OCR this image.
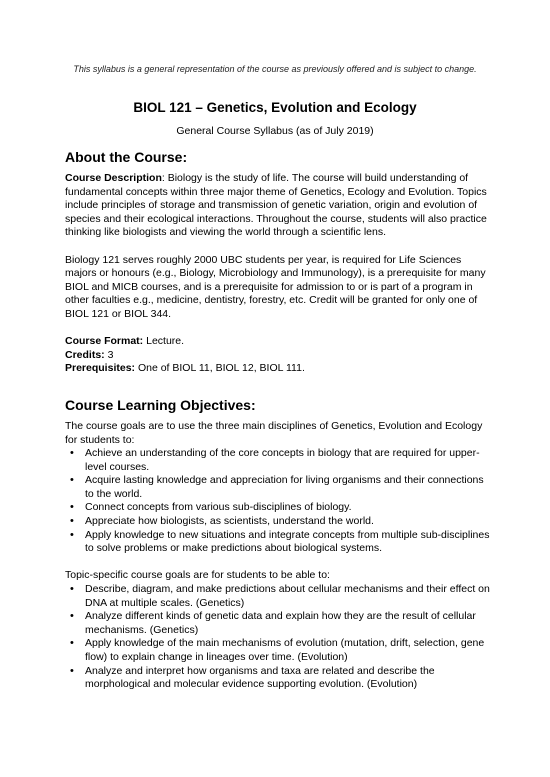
This syllabus is a general representation of the course as previously offered and is subject to change.
BIOL 121 – Genetics, Evolution and Ecology
General Course Syllabus (as of July 2019)
About the Course:

Course Description: Biology is the study of life. The course will build understanding of fundamental concepts within three major theme of Genetics, Ecology and Evolution. Topics include principles of storage and transmission of genetic variation, origin and evolution of species and their ecological interactions. Throughout the course, students will also practice thinking like biologists and viewing the world through a scientific lens.

Biology 121 serves roughly 2000 UBC students per year, is required for Life Sciences majors or honours (e.g., Biology, Microbiology and Immunology), is a prerequisite for many BIOL and MICB courses, and is a prerequisite for admission to or is part of a program in other faculties e.g., medicine, dentistry, forestry, etc. Credit will be granted for only one of BIOL 121 or BIOL 344.

Course Format: Lecture.

Credits: 3

Prerequisites: One of BIOL 11, BIOL 12, BIOL 111.

Course Learning Objectives:

The course goals are to use the three main disciplines of Genetics, Evolution and Ecology for students to:

• Achieve an understanding of the core concepts in biology that are required for upper-level courses.
• Acquire lasting knowledge and appreciation for living organisms and their connections to the world.
• Connect concepts from various sub-disciplines of biology.
• Appreciate how biologists, as scientists, understand the world.
• Apply knowledge to new situations and integrate concepts from multiple sub-disciplines to solve problems or make predictions about biological systems.

Topic-specific course goals are for students to be able to:

• Describe, diagram, and make predictions about cellular mechanisms and their effect on DNA at multiple scales. (Genetics)
• Analyze different kinds of genetic data and explain how they are the result of cellular mechanisms. (Genetics)
• Apply knowledge of the main mechanisms of evolution (mutation, drift, selection, gene flow) to explain change in lineages over time. (Evolution)
• Analyze and interpret how organisms and taxa are related and describe the morphological and molecular evidence supporting evolution. (Evolution)
